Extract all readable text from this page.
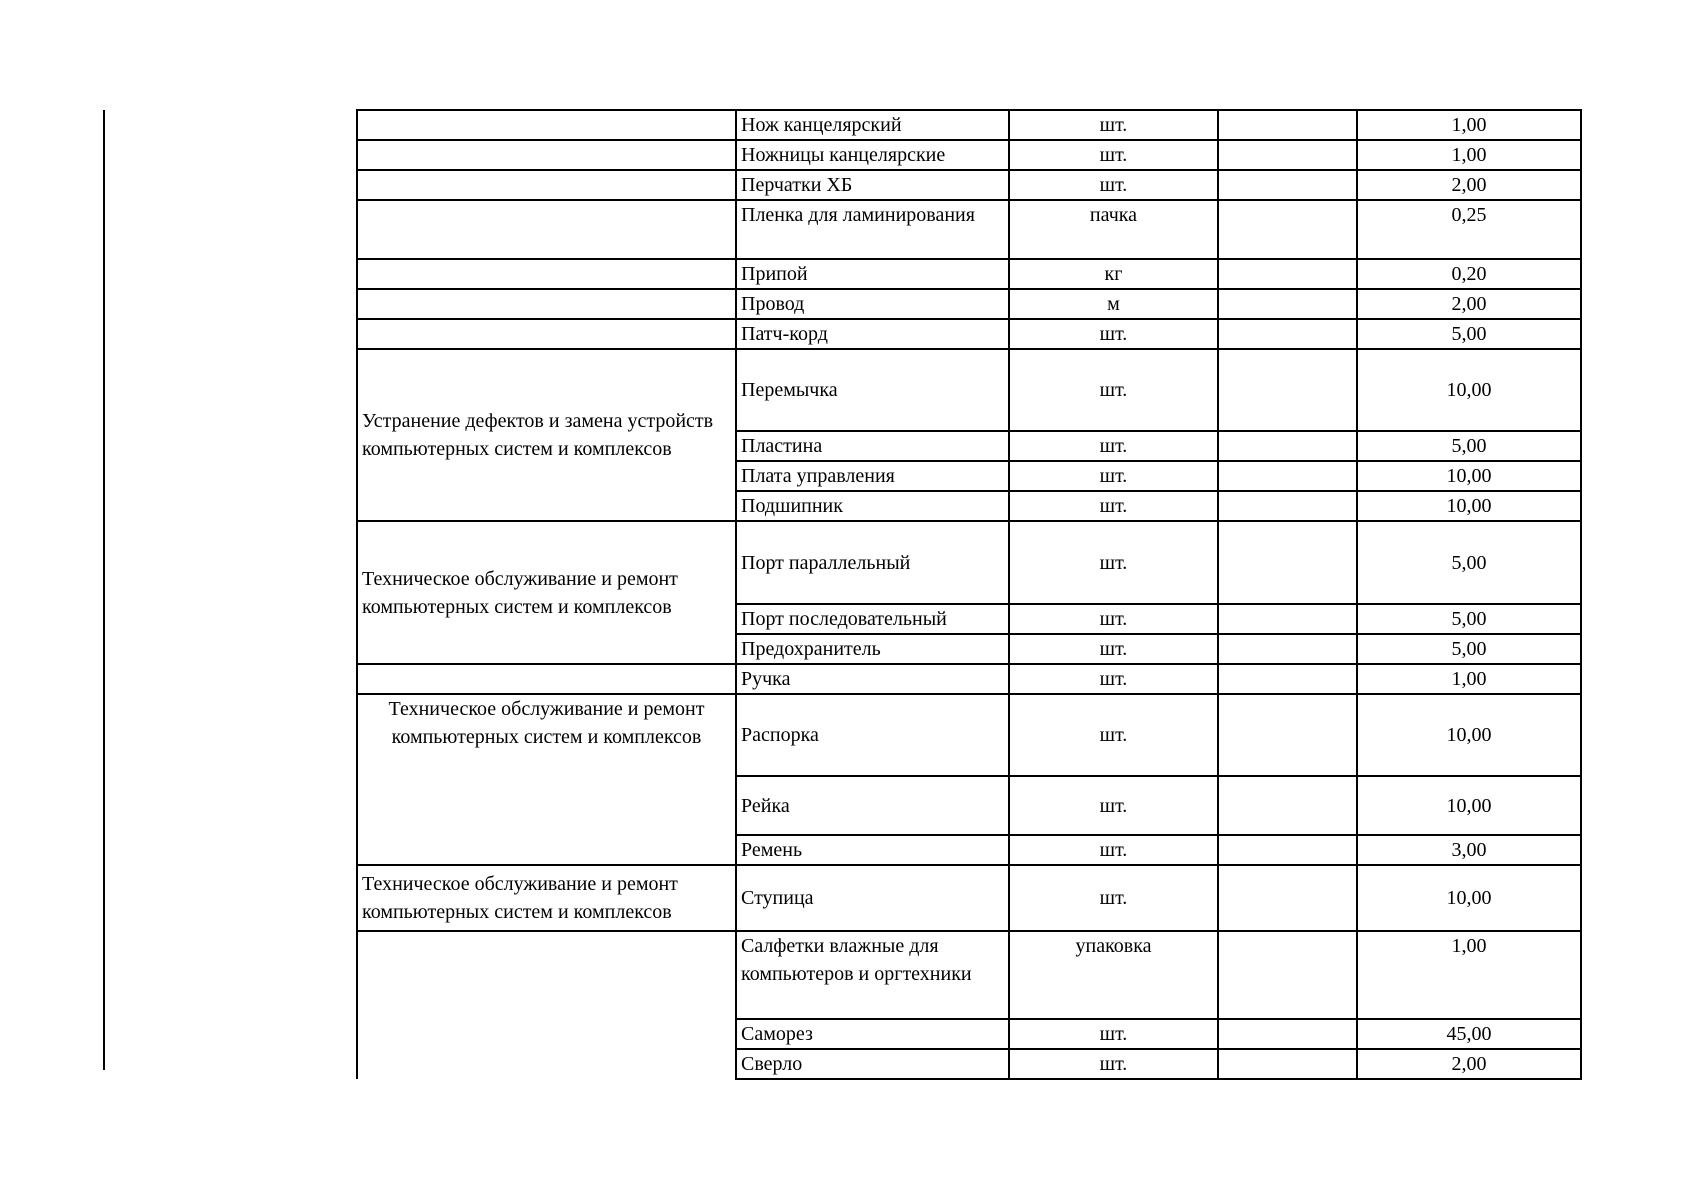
	Нож канцелярский	шт.		1,00
	Ножницы канцелярские	шт.		1,00
	Перчатки ХБ	шт.		2,00
	Пленка для ламинирования	пачка		0,25
	Припой	кг		0,20
	Провод	м		2,00
	Патч-корд	шт.		5,00
Устранение дефектов и замена устройств компьютерных систем и комплексов	Перемычка	шт.		10,00
	Пластина	шт.		5,00
	Плата управления	шт.		10,00
	Подшипник	шт.		10,00
Техническое обслуживание и ремонт компьютерных систем и комплексов	Порт параллельный	шт.		5,00
	Порт последовательный	шт.		5,00
	Предохранитель	шт.		5,00
	Ручка	шт.		1,00
Техническое обслуживание и ремонт компьютерных систем и комплексов	Распорка	шт.		10,00
	Рейка	шт.		10,00
	Ремень	шт.		3,00
Техническое обслуживание и ремонт компьютерных систем и комплексов	Ступица	шт.		10,00
	Салфетки влажные для компьютеров и оргтехники	упаковка		1,00
	Саморез	шт.		45,00
	Сверло	шт.		2,00
